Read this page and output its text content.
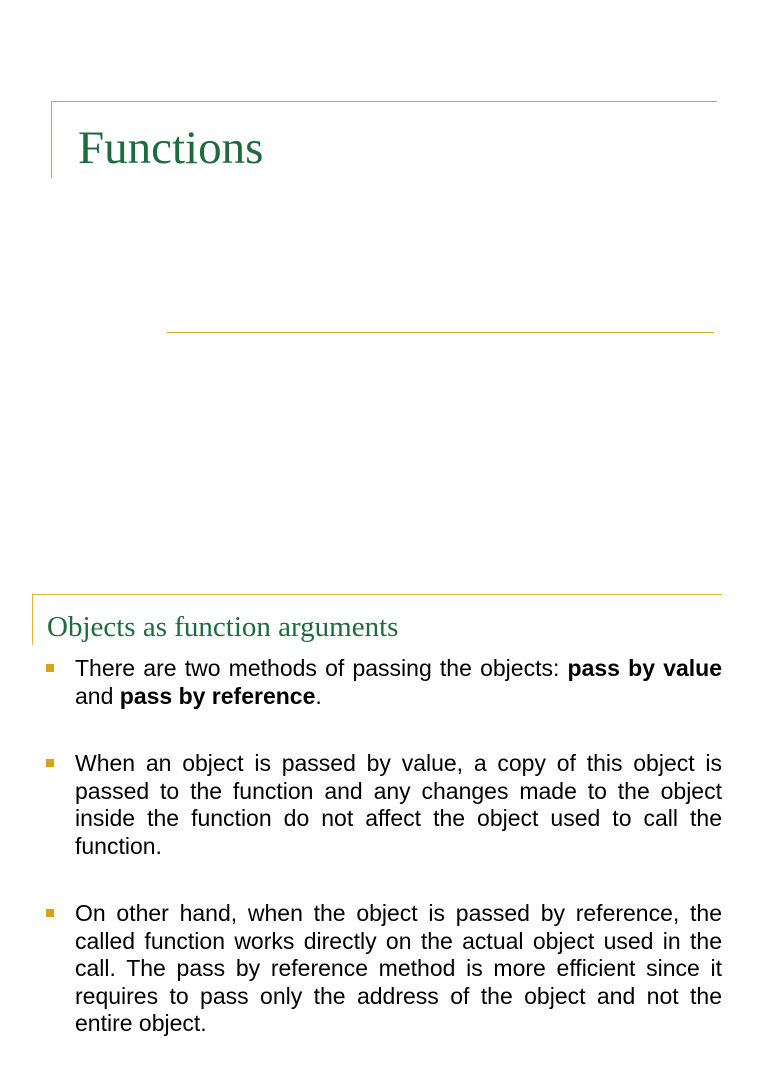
Functions
Objects as function arguments
There are two methods of passing the objects: pass by value and pass by reference.
When an object is passed by value, a copy of this object is passed to the function and any changes made to the object inside the function do not affect the object used to call the function.
On other hand, when the object is passed by reference, the called function works directly on the actual object used in the call. The pass by reference method is more efficient since it requires to pass only the address of the object and not the entire object.
